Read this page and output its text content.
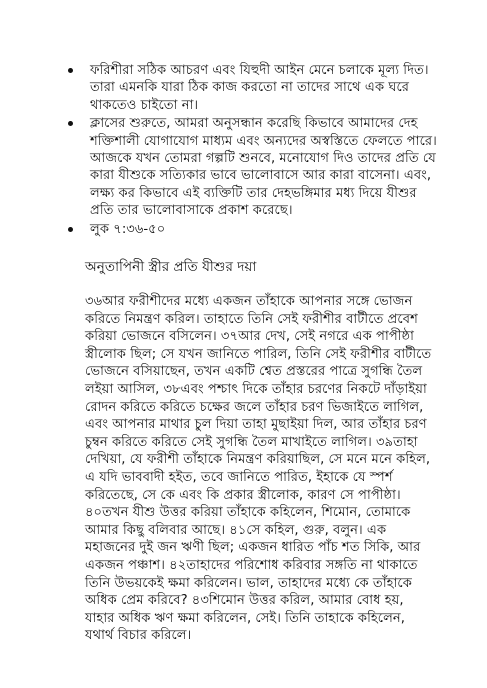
ফরিশীরা সঠিক আচরণ এবং যিহুদী আইন মেনে চলাকে মূল্য দিত। তারা এমনকি যারা ঠিক কাজ করতো না তাদের সাথে এক ঘরে থাকতেও চাইতো না।
ক্লাসের শুরুতে, আমরা অনুসন্ধান করেছি কিভাবে আমাদের দেহ শক্তিশালী যোগাযোগ মাধ্যম এবং অন্যদের অস্বস্তিতে ফেলতে পারে। আজকে যখন তোমরা গল্পটি শুনবে, মনোযোগ দিও তাদের প্রতি যে কারা যীশুকে সত্যিকার ভাবে ভালোবাসে আর কারা বাসেনা। এবং, লক্ষ্য কর কিভাবে এই ব্যক্তিটি তার দেহভঙ্গিমার মধ্য দিয়ে যীশুর প্রতি তার ভালোবাসাকে প্রকাশ করেছে।
লুক ৭:৩৬-৫০
অনুতাপিনী স্ত্রীর প্রতি যীশুর দয়া

৩৬আর ফরীশীদের মধ্যে একজন তাঁহাকে আপনার সঙ্গে ভোজন করিতে নিমন্ত্রণ করিল। তাহাতে তিনি সেই ফরীশীর বাটীতে প্রবেশ করিয়া ভোজনে বসিলেন। ৩৭আর দেখ, সেই নগরে এক পাপীষ্ঠা স্ত্রীলোক ছিল; সে যখন জানিতে পারিল, তিনি সেই ফরীশীর বাটীতে ভোজনে বসিয়াছেন, তখন একটি শ্বেত প্রস্তরের পাত্রে সুগন্ধি তৈল লইয়া আসিল, ৩৮এবং পশ্চাৎ দিকে তাঁহার চরণের নিকটে দাঁড়াইয়া রোদন করিতে করিতে চক্ষের জলে তাঁহার চরণ ভিজাইতে লাগিল, এবং আপনার মাথার চুল দিয়া তাহা মুছাইয়া দিল, আর তাঁহার চরণ চুম্বন করিতে করিতে সেই সুগন্ধি তৈল মাখাইতে লাগিল। ৩৯তাহা দেখিয়া, যে ফরীশী তাঁহাকে নিমন্ত্রণ করিয়াছিল, সে মনে মনে কহিল, এ যদি ভাববাদী হইত, তবে জানিতে পারিত, ইহাকে যে স্পর্শ করিতেছে, সে কে এবং কি প্রকার স্ত্রীলোক, কারণ সে পাপীষ্ঠা। ৪০তখন যীশু উত্তর করিয়া তাঁহাকে কহিলেন, শিমোন, তোমাকে আমার কিছু বলিবার আছে। ৪১সে কহিল, গুরু, বলুন। এক মহাজনের দুই জন ঋণী ছিল; একজন ধারিত পাঁচ শত সিকি, আর একজন পঞ্চাশ। ৪২তাহাদের পরিশোধ করিবার সঙ্গতি না থাকাতে তিনি উভয়কেই ক্ষমা করিলেন। ভাল, তাহাদের মধ্যে কে তাঁহাকে অধিক প্রেম করিবে? ৪৩শিমোন উত্তর করিল, আমার বোধ হয়, যাহার অধিক ঋণ ক্ষমা করিলেন, সেই। তিনি তাহাকে কহিলেন, যথার্থ বিচার করিলে।
